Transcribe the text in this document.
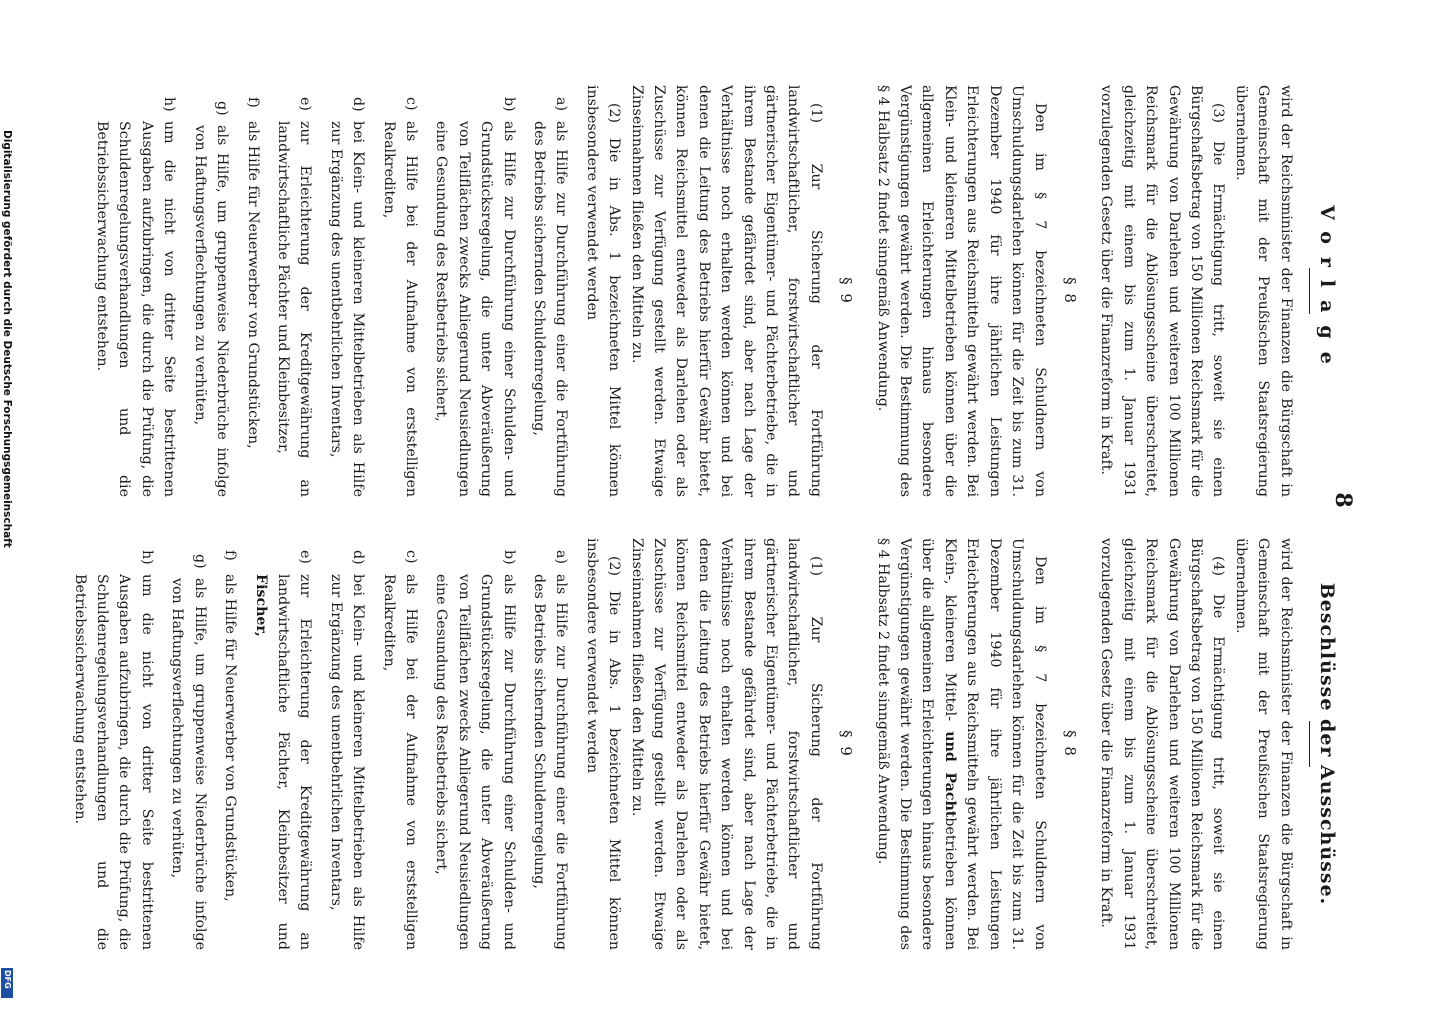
8
Vorlage

wird der Reichsminister der Finanzen die Bürgschaft in Gemeinschaft mit der Preußischen Staatsregierung übernehmen.

(3) Die Ermächtigung tritt, soweit sie einen Bürgschaftsbetrag von 150 Millionen Reichsmark für die Gewährung von Darlehen und weiteren 100 Millionen Reichsmark für die Ablösungsscheine überschreitet, gleichzeitig mit einem bis zum 1. Januar 1931 vorzulegenden Gesetz über die Finanzreform in Kraft.

§ 8

Den im § 7 bezeichneten Schuldnern von Umschuldungsdarlehen können für die Zeit bis zum 31. Dezember 1940 für ihre jährlichen Leistungen Erleichterungen aus Reichsmitteln gewährt werden. Bei Klein- und kleineren Mittelbetrieben können über die allgemeinen Erleichterungen hinaus besondere Vergünstigungen gewährt werden. Die Bestimmung des § 4 Halbsatz 2 findet sinngemäß Anwendung.

§ 9

(1) Zur Sicherung der Fortführung landwirtschaftlicher, forstwirtschaftlicher und gärtnerischer Eigentümer- und Pächterbetriebe, die in ihrem Bestande gefährdet sind, aber nach Lage der Verhältnisse noch erhalten werden können und bei denen die Leitung des Betriebs hierfür Gewähr bietet, können Reichsmittel entweder als Darlehen oder als Zuschüsse zur Verfügung gestellt werden. Etwaige Zinseinnahmen fließen den Mitteln zu.

(2) Die in Abs. 1 bezeichneten Mittel können insbesondere verwendet werden

a)
als Hilfe zur Durchführung einer die Fortführung des Betriebs sichernden Schuldenregelung,
b)
als Hilfe zur Durchführung einer Schulden- und Grundstücksregelung, die unter Abveräußerung von Teilflächen zwecks Anliegerund Neusiedlungen eine Gesundung des Restbetriebs sichert,
c)
als Hilfe bei der Aufnahme von erststelligen Realkrediten,
d)
bei Klein- und kleineren Mittelbetrieben als Hilfe zur Ergänzung des unentbehrlichen Inventars,
e)
zur Erleichterung der Kreditgewährung an landwirtschaftliche Pächter und Kleinbesitzer,
f)
als Hilfe für Neuerwerber von Grundstücken,
g)
als Hilfe, um gruppenweise Niederbrüche infolge von Haftungsverflechtungen zu verhüten,
h)
um die nicht von dritter Seite bestrittenen Ausgaben aufzubringen, die durch die Prüfung, die Schuldenregelungsverhandlungen und die Betriebssicherwachung entstehen.
Beschlüsse der Ausschüsse.

wird der Reichsminister der Finanzen die Bürgschaft in Gemeinschaft mit der Preußischen Staatsregierung übernehmen.

(4) Die Ermächtigung tritt, soweit sie einen Bürgschaftsbetrag von 150 Millionen Reichsmark für die Gewährung von Darlehen und weiteren 100 Millionen Reichsmark für die Ablösungsscheine überschreitet, gleichzeitig mit einem bis zum 1. Januar 1931 vorzulegenden Gesetz über die Finanzreform in Kraft.

§ 8

Den im § 7 bezeichneten Schuldnern von Umschuldungsdarlehen können für die Zeit bis zum 31. Dezember 1940 für ihre jährlichen Leistungen Erleichterungen aus Reichsmitteln gewährt werden. Bei Klein-, kleineren Mittel- und Pachtbetrieben können über die allgemeinen Erleichterungen hinaus besondere Vergünstigungen gewährt werden. Die Bestimmung des § 4 Halbsatz 2 findet sinngemäß Anwendung.

§ 9

(1) Zur Sicherung der Fortführung landwirtschaftlicher, forstwirtschaftlicher und gärtnerischer Eigentümer- und Pächterbetriebe, die in ihrem Bestande gefährdet sind, aber nach Lage der Verhältnisse noch erhalten werden können und bei denen die Leitung des Betriebs hierfür Gewähr bietet, können Reichsmittel entweder als Darlehen oder als Zuschüsse zur Verfügung gestellt werden. Etwaige Zinseinnahmen fließen den Mitteln zu.

(2) Die in Abs. 1 bezeichneten Mittel können insbesondere verwendet werden

a)
als Hilfe zur Durchführung einer die Fortführung des Betriebs sichernden Schuldenregelung,
b)
als Hilfe zur Durchführung einer Schulden- und Grundstücksregelung, die unter Abveräußerung von Teilflächen zwecks Anliegerund Neusiedlungen eine Gesundung des Restbetriebs sichert,
c)
als Hilfe bei der Aufnahme von erststelligen Realkrediten,
d)
bei Klein- und kleineren Mittelbetrieben als Hilfe zur Ergänzung des unentbehrlichen Inventars,
e)
zur Erleichterung der Kreditgewährung an landwirtschaftliche Pächter, Kleinbesitzer und Fischer,
f)
als Hilfe für Neuerwerber von Grundstücken,
g)
als Hilfe, um gruppenweise Niederbrüche infolge von Haftungsverflechtungen zu verhüten,
h)
um die nicht von dritter Seite bestrittenen Ausgaben aufzubringen, die durch die Prüfung, die Schuldenregelungsverhandlungen und die Betriebssicherwachung entstehen.
Digitalisierung gefördert durch die Deutsche Forschungsgemeinschaft
DFG
